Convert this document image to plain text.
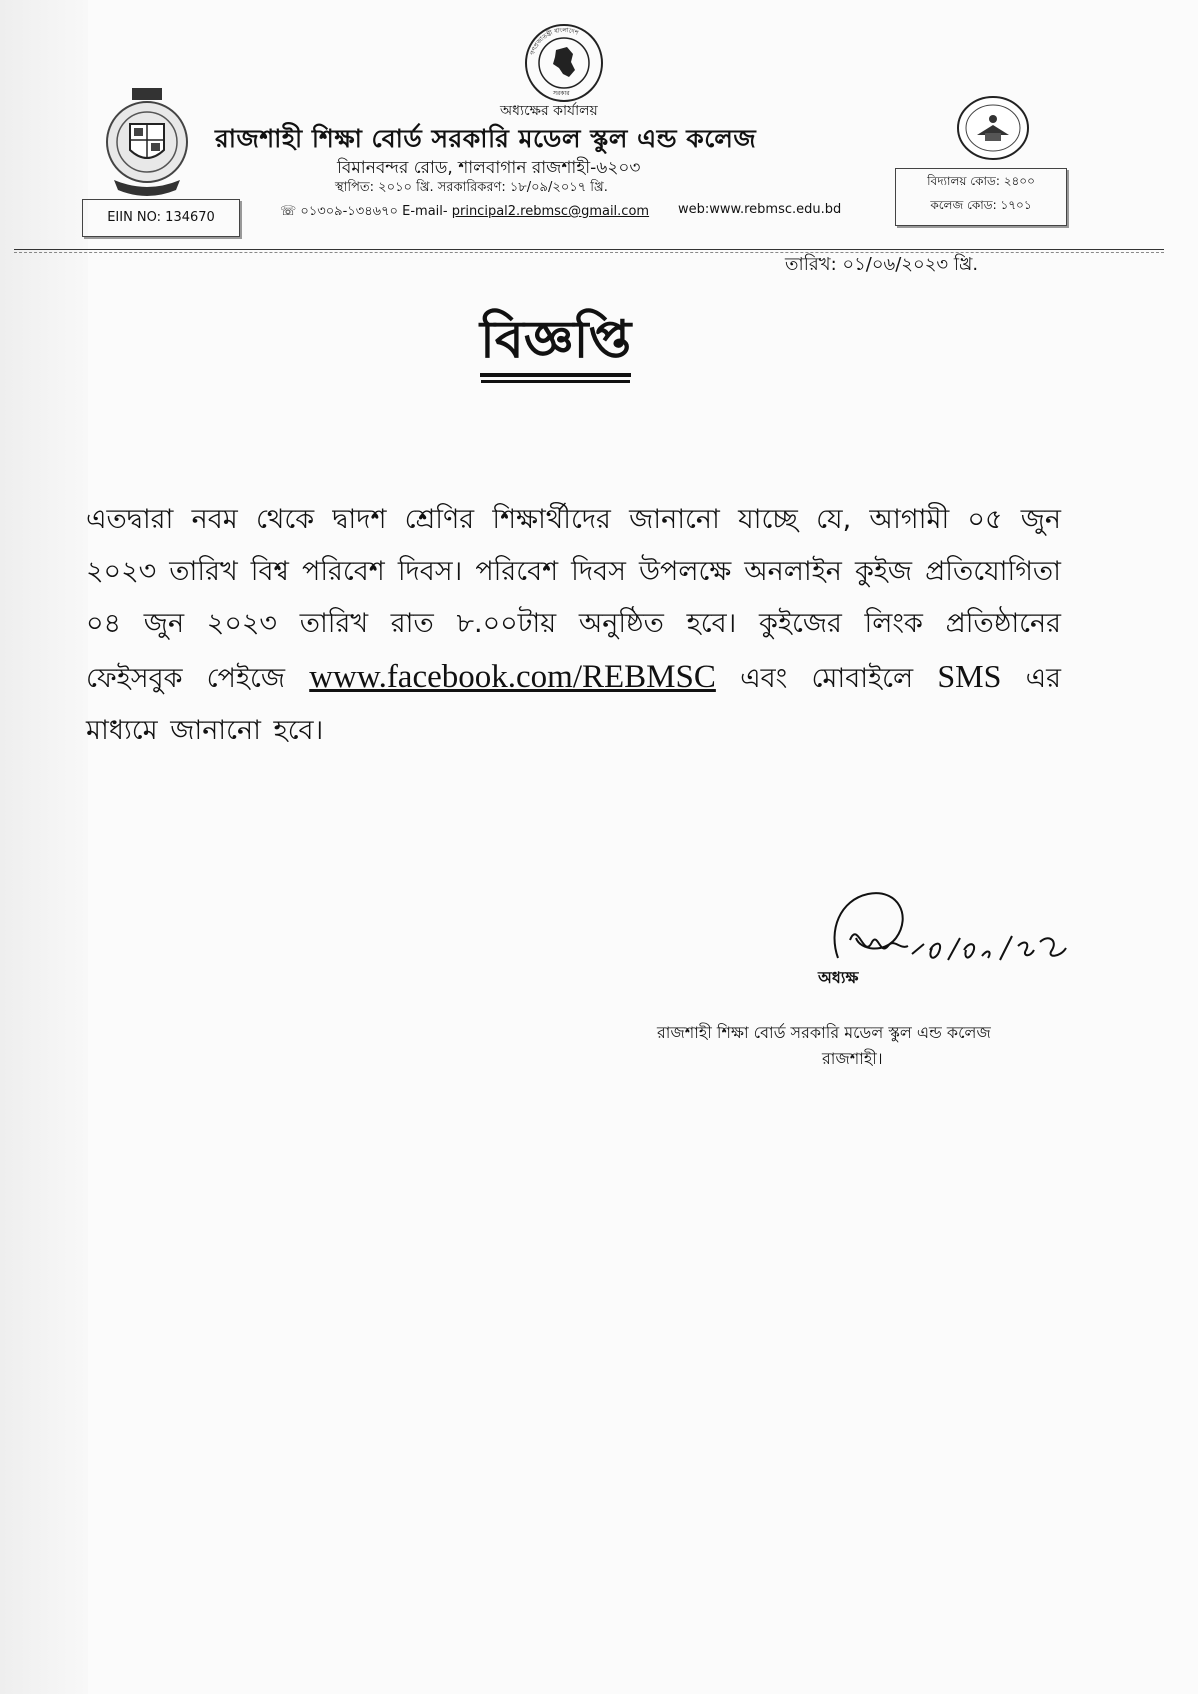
গণপ্রজাতন্ত্রী বাংলাদেশ
সরকার
অধ্যক্ষের কার্যালয়
রাজশাহী শিক্ষা বোর্ড সরকারি মডেল স্কুল এন্ড কলেজ
বিমানবন্দর রোড, শালবাগান রাজশাহী-৬২০৩
স্থাপিত: ২০১০ খ্রি. সরকারিকরণ: ১৮/০৯/২০১৭ খ্রি.
☏ ০১৩০৯-১৩৪৬৭০ E-mail- principal2.rebmsc@gmail.com web:www.rebmsc.edu.bd
EIIN NO: 134670
বিদ্যালয় কোড: ২৪০০
কলেজ কোড: ১৭০১
তারিখ: ০১/০৬/২০২৩ খ্রি.
বিজ্ঞপ্তি
এতদ্বারা নবম থেকে দ্বাদশ শ্রেণির শিক্ষার্থীদের জানানো যাচ্ছে যে, আগামী ০৫ জুন ২০২৩ তারিখ বিশ্ব পরিবেশ দিবস। পরিবেশ দিবস উপলক্ষে অনলাইন কুইজ প্রতিযোগিতা ০৪ জুন ২০২৩ তারিখ রাত ৮.০০টায় অনুষ্ঠিত হবে। কুইজের লিংক প্রতিষ্ঠানের ফেইসবুক পেইজে www.facebook.com/REBMSC এবং মোবাইলে SMS এর মাধ্যমে জানানো হবে।
অধ্যক্ষ
রাজশাহী শিক্ষা বোর্ড সরকারি মডেল স্কুল এন্ড কলেজ
রাজশাহী।
